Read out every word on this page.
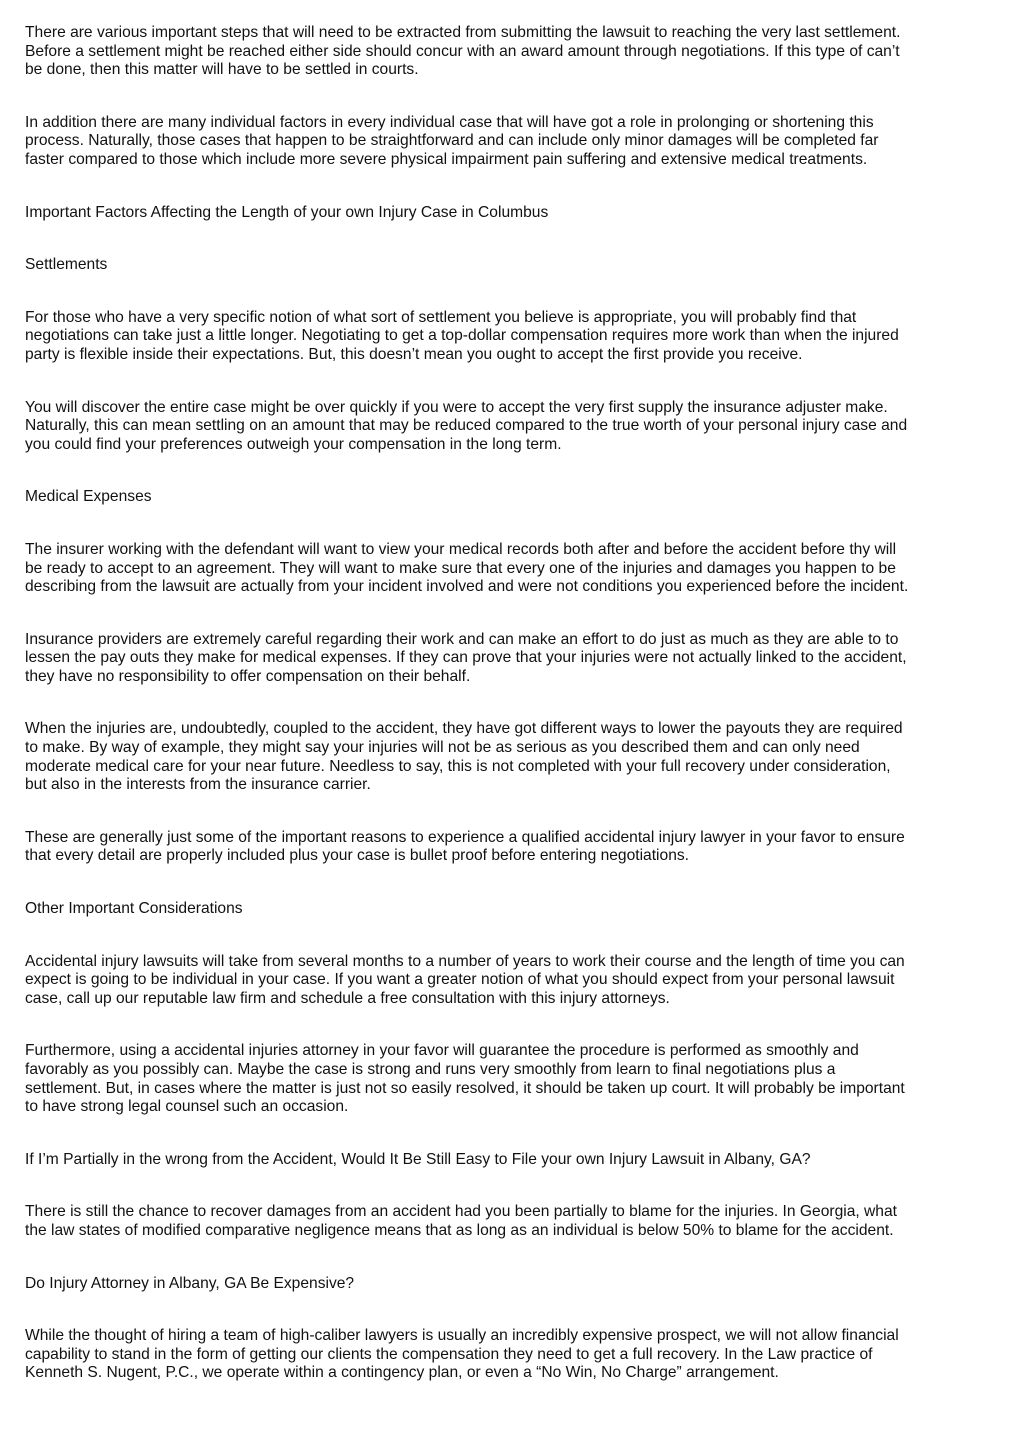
There are various important steps that will need to be extracted from submitting the lawsuit to reaching the very last settlement.
Before a settlement might be reached either side should concur with an award amount through negotiations. If this type of can’t
be done, then this matter will have to be settled in courts.

In addition there are many individual factors in every individual case that will have got a role in prolonging or shortening this
process. Naturally, those cases that happen to be straightforward and can include only minor damages will be completed far
faster compared to those which include more severe physical impairment pain suffering and extensive medical treatments.

Important Factors Affecting the Length of your own Injury Case in Columbus

Settlements

For those who have a very specific notion of what sort of settlement you believe is appropriate, you will probably find that
negotiations can take just a little longer. Negotiating to get a top-dollar compensation requires more work than when the injured
party is flexible inside their expectations. But, this doesn’t mean you ought to accept the first provide you receive.

You will discover the entire case might be over quickly if you were to accept the very first supply the insurance adjuster make.
Naturally, this can mean settling on an amount that may be reduced compared to the true worth of your personal injury case and
you could find your preferences outweigh your compensation in the long term.

Medical Expenses

The insurer working with the defendant will want to view your medical records both after and before the accident before thy will
be ready to accept to an agreement. They will want to make sure that every one of the injuries and damages you happen to be
describing from the lawsuit are actually from your incident involved and were not conditions you experienced before the incident.

Insurance providers are extremely careful regarding their work and can make an effort to do just as much as they are able to to
lessen the pay outs they make for medical expenses. If they can prove that your injuries were not actually linked to the accident,
they have no responsibility to offer compensation on their behalf.

When the injuries are, undoubtedly, coupled to the accident, they have got different ways to lower the payouts they are required
to make. By way of example, they might say your injuries will not be as serious as you described them and can only need
moderate medical care for your near future. Needless to say, this is not completed with your full recovery under consideration,
but also in the interests from the insurance carrier.

These are generally just some of the important reasons to experience a qualified accidental injury lawyer in your favor to ensure
that every detail are properly included plus your case is bullet proof before entering negotiations.

Other Important Considerations

Accidental injury lawsuits will take from several months to a number of years to work their course and the length of time you can
expect is going to be individual in your case. If you want a greater notion of what you should expect from your personal lawsuit
case, call up our reputable law firm and schedule a free consultation with this injury attorneys.

Furthermore, using a accidental injuries attorney in your favor will guarantee the procedure is performed as smoothly and
favorably as you possibly can. Maybe the case is strong and runs very smoothly from learn to final negotiations plus a
settlement. But, in cases where the matter is just not so easily resolved, it should be taken up court. It will probably be important
to have strong legal counsel such an occasion.

If I’m Partially in the wrong from the Accident, Would It Be Still Easy to File your own Injury Lawsuit in Albany, GA?

There is still the chance to recover damages from an accident had you been partially to blame for the injuries. In Georgia, what
the law states of modified comparative negligence means that as long as an individual is below 50% to blame for the accident.

Do Injury Attorney in Albany, GA Be Expensive?

While the thought of hiring a team of high-caliber lawyers is usually an incredibly expensive prospect, we will not allow financial
capability to stand in the form of getting our clients the compensation they need to get a full recovery. In the Law practice of
Kenneth S. Nugent, P.C., we operate within a contingency plan, or even a “No Win, No Charge” arrangement.
